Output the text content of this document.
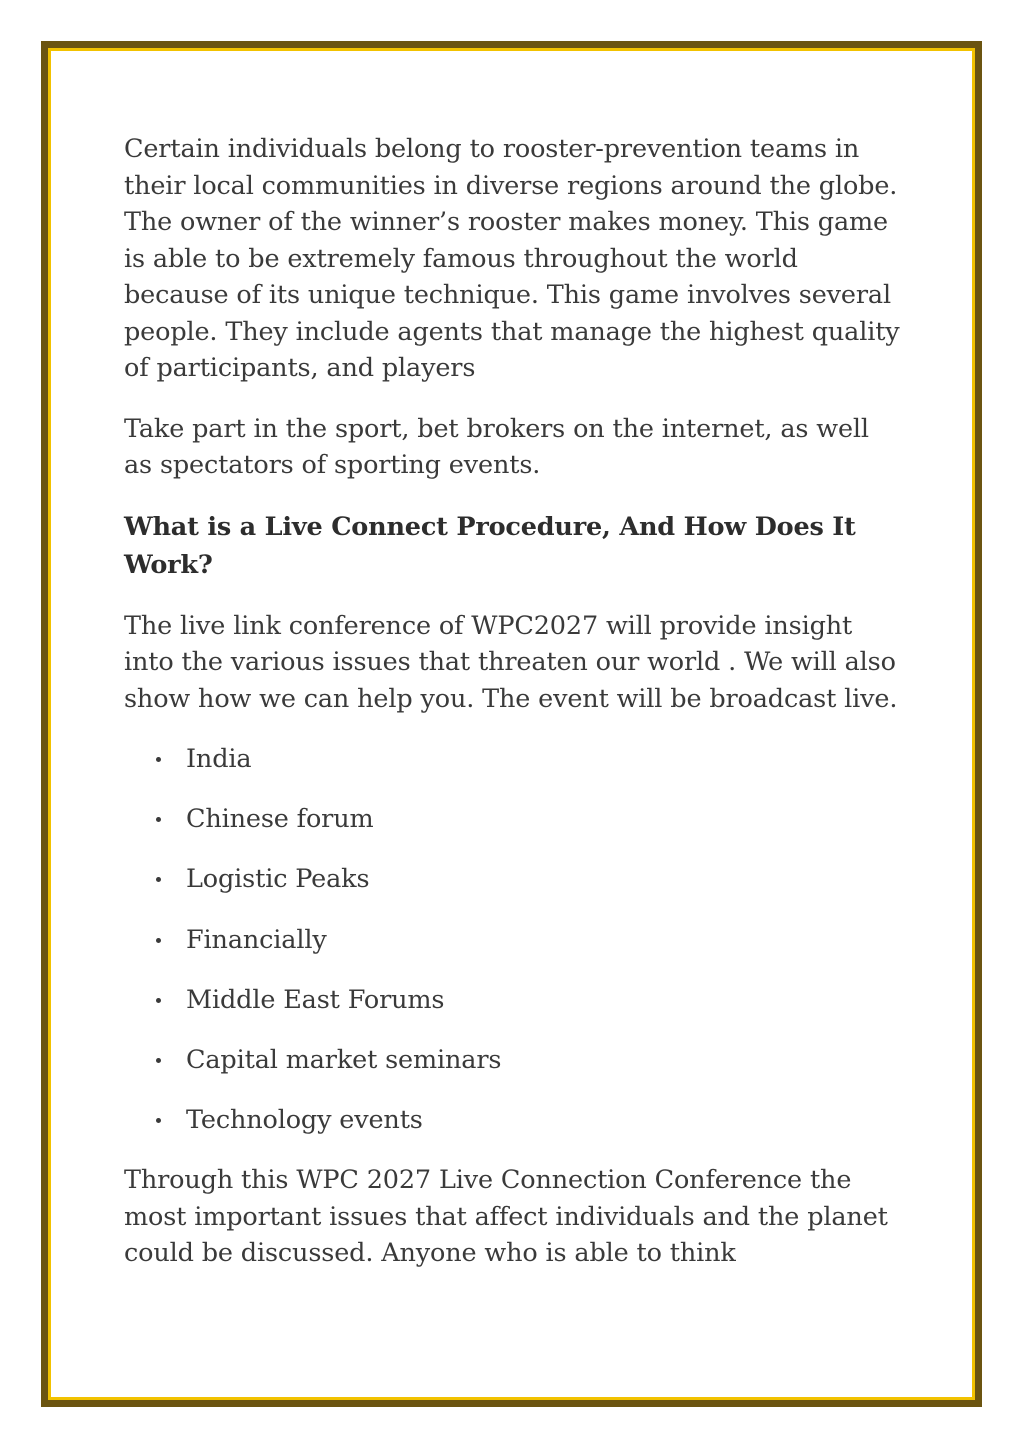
Certain individuals belong to rooster-prevention teams in their local communities in diverse regions around the globe. The owner of the winner’s rooster makes money. This game is able to be extremely famous throughout the world because of its unique technique. This game involves several people. They include agents that manage the highest quality of participants, and players

Take part in the sport, bet brokers on the internet, as well as spectators of sporting events.

What is a Live Connect Procedure, And How Does It Work?

The live link conference of WPC2027 will provide insight into the various issues that threaten our world . We will also show how we can help you. The event will be broadcast live.

India
Chinese forum
Logistic Peaks
Financially
Middle East Forums
Capital market seminars
Technology events

Through this WPC 2027 Live Connection Conference the most important issues that affect individuals and the planet could be discussed. Anyone who is able to think
